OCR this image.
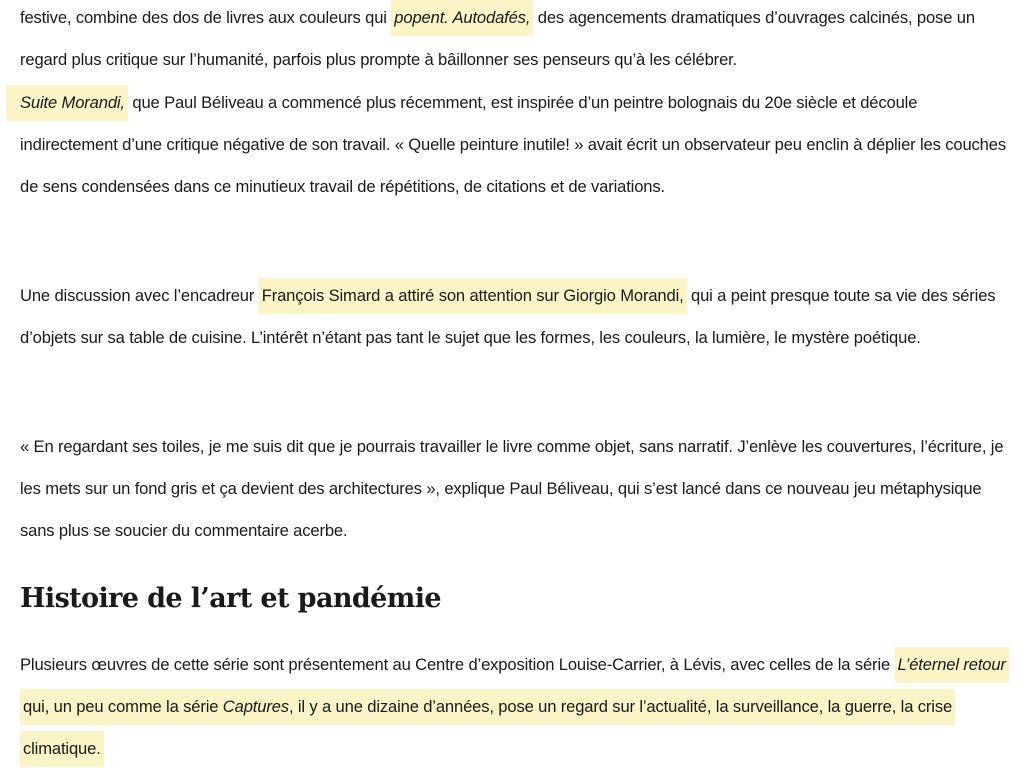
festive, combine des dos de livres aux couleurs qui popent. Autodafés, des agencements dramatiques d’ouvrages calcinés, pose un regard plus critique sur l’humanité, parfois plus prompte à bâillonner ses penseurs qu’à les célébrer.

Suite Morandi, que Paul Béliveau a commencé plus récemment, est inspirée d’un peintre bolognais du 20e siècle et découle indirectement d’une critique négative de son travail. « Quelle peinture inutile! » avait écrit un observateur peu enclin à déplier les couches de sens condensées dans ce minutieux travail de répétitions, de citations et de variations.

Une discussion avec l’encadreur François Simard a attiré son attention sur Giorgio Morandi, qui a peint presque toute sa vie des séries d’objets sur sa table de cuisine. L’intérêt n’étant pas tant le sujet que les formes, les couleurs, la lumière, le mystère poétique.

« En regardant ses toiles, je me suis dit que je pourrais travailler le livre comme objet, sans narratif. J’enlève les couvertures, l’écriture, je les mets sur un fond gris et ça devient des architectures », explique Paul Béliveau, qui s’est lancé dans ce nouveau jeu métaphysique sans plus se soucier du commentaire acerbe.

Histoire de l’art et pandémie

Plusieurs œuvres de cette série sont présentement au Centre d’exposition Louise-Carrier, à Lévis, avec celles de la série L’éternel retour qui, un peu comme la série Captures, il y a une dizaine d’années, pose un regard sur l’actualité, la surveillance, la guerre, la crise climatique.
